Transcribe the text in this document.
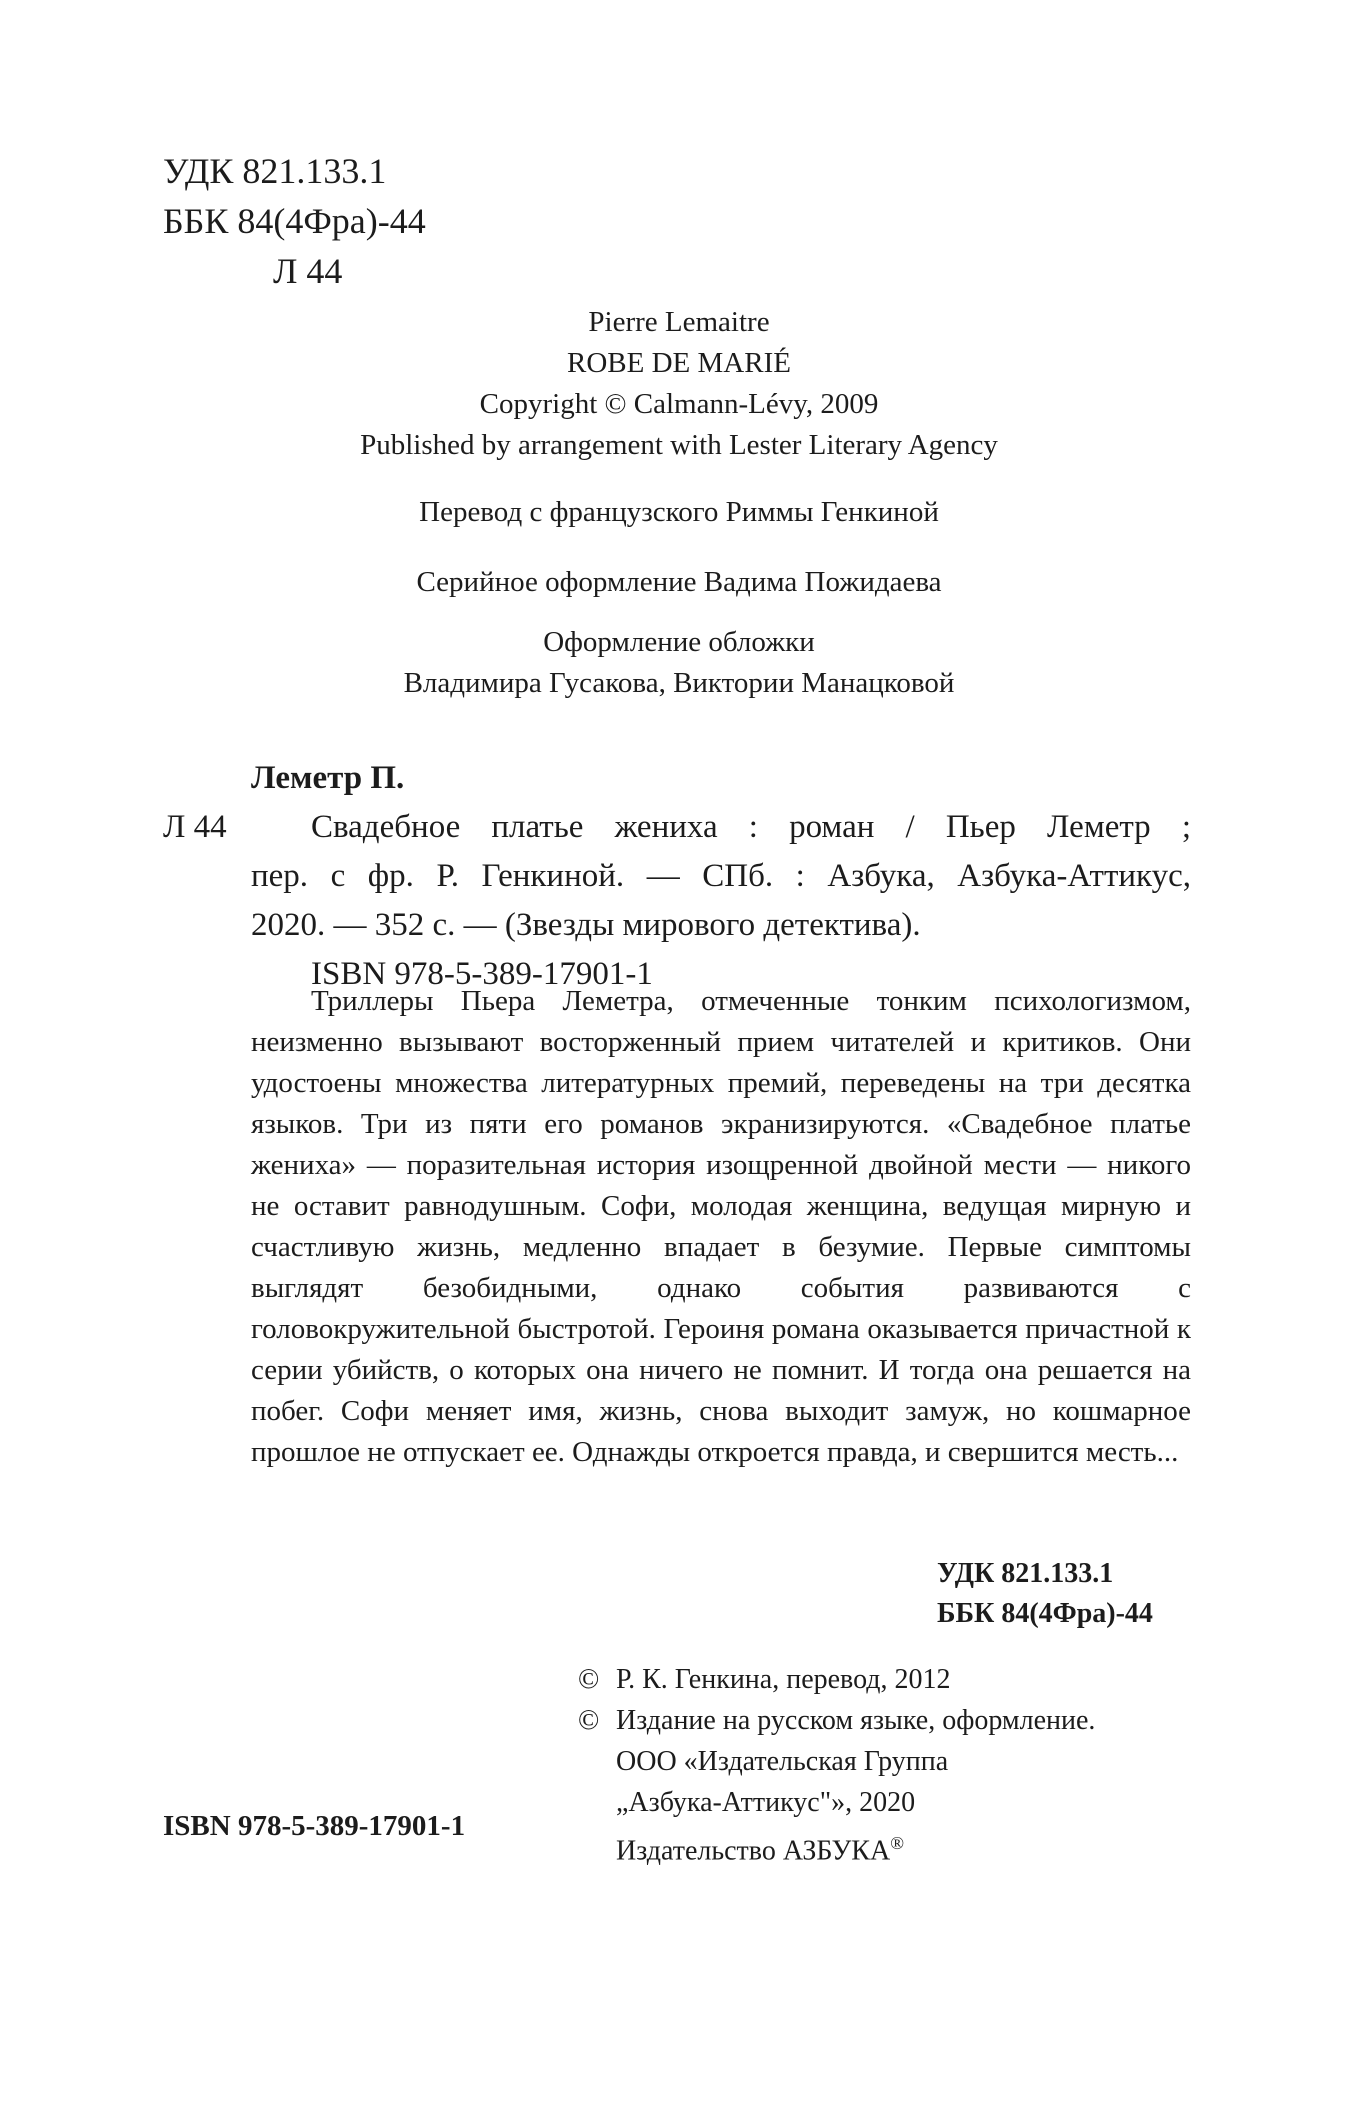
УДК 821.133.1
ББК 84(4Фра)-44
Л 44
Pierre Lemaitre
ROBE DE MARIÉ
Copyright © Calmann-Lévy, 2009
Published by arrangement with Lester Literary Agency
Перевод с французского Риммы Генкиной
Серийное оформление Вадима Пожидаева
Оформление обложки
Владимира Гусакова, Виктории Манацковой
Леметр П.
Л 44	Свадебное платье жениха : роман / Пьер Леметр ;
пер. с фр. Р. Генкиной. — СПб. : Азбука, Азбука-Аттикус,
2020. — 352 с. — (Звезды мирового детектива).
ISBN 978-5-389-17901-1
Триллеры Пьера Леметра, отмеченные тонким психологизмом, неизменно вызывают восторженный прием читателей и критиков. Они удостоены множества литературных премий, переведены на три десятка языков. Три из пяти его романов экранизируются. «Свадебное платье жениха» — поразительная история изощренной двойной мести — никого не оставит равнодушным. Софи, молодая женщина, ведущая мирную и счастливую жизнь, медленно впадает в безумие. Первые симптомы выглядят безобидными, однако события развиваются с головокружительной быстротой. Героиня романа оказывается причастной к серии убийств, о которых она ничего не помнит. И тогда она решается на побег. Софи меняет имя, жизнь, снова выходит замуж, но кошмарное прошлое не отпускает ее. Однажды откроется правда, и свершится месть...
УДК 821.133.1
ББК 84(4Фра)-44
© Р. К. Генкина, перевод, 2012
© Издание на русском языке, оформление.
ООО «Издательская Группа
„Азбука-Аттикус"», 2020
Издательство АЗБУКА®
ISBN 978-5-389-17901-1
